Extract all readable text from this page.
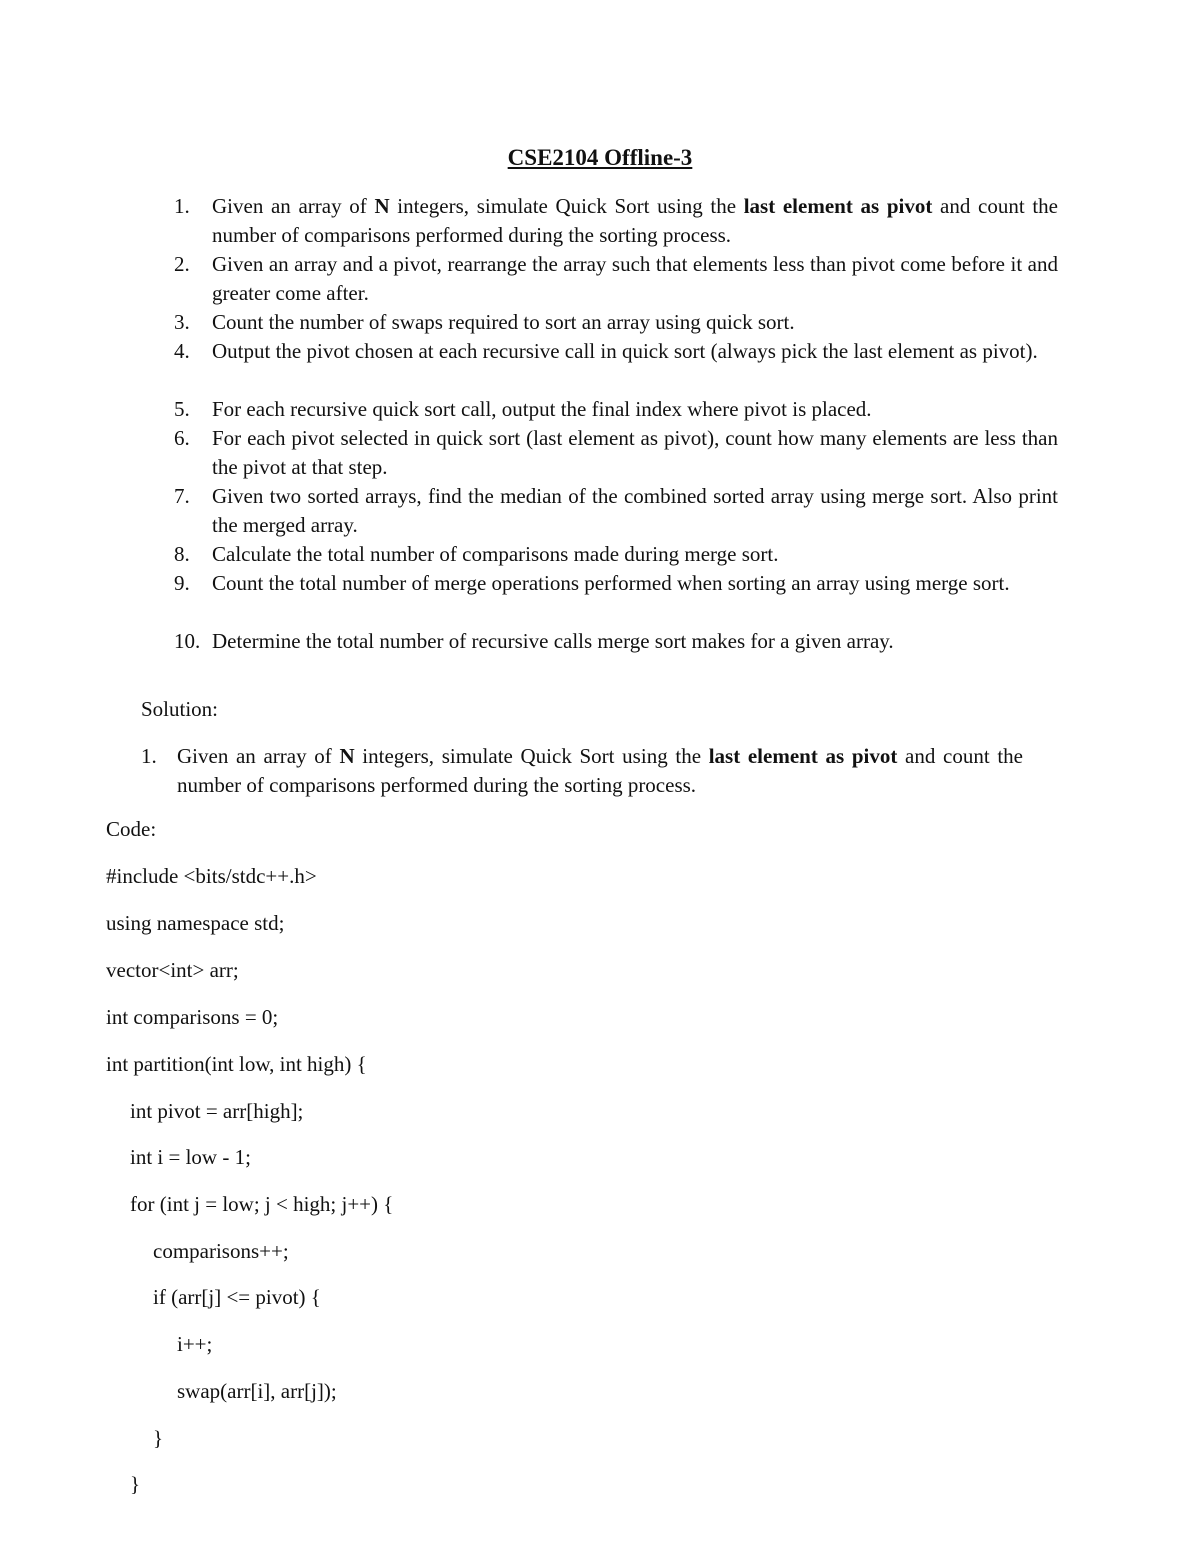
CSE2104 Offline-3
1. Given an array of N integers, simulate Quick Sort using the last element as pivot and count the number of comparisons performed during the sorting process.
2. Given an array and a pivot, rearrange the array such that elements less than pivot come before it and greater come after.
3. Count the number of swaps required to sort an array using quick sort.
4. Output the pivot chosen at each recursive call in quick sort (always pick the last element as pivot).
5. For each recursive quick sort call, output the final index where pivot is placed.
6. For each pivot selected in quick sort (last element as pivot), count how many elements are less than the pivot at that step.
7. Given two sorted arrays, find the median of the combined sorted array using merge sort. Also print the merged array.
8. Calculate the total number of comparisons made during merge sort.
9. Count the total number of merge operations performed when sorting an array using merge sort.
10. Determine the total number of recursive calls merge sort makes for a given array.

Solution:

1. Given an array of N integers, simulate Quick Sort using the last element as pivot and count the number of comparisons performed during the sorting process.

Code:

#include <bits/stdc++.h>

using namespace std;

vector<int> arr;

int comparisons = 0;

int partition(int low, int high) {

int pivot = arr[high];

int i = low - 1;

for (int j = low; j < high; j++) {

comparisons++;

if (arr[j] <= pivot) {

i++;

swap(arr[i], arr[j]);

}

}
